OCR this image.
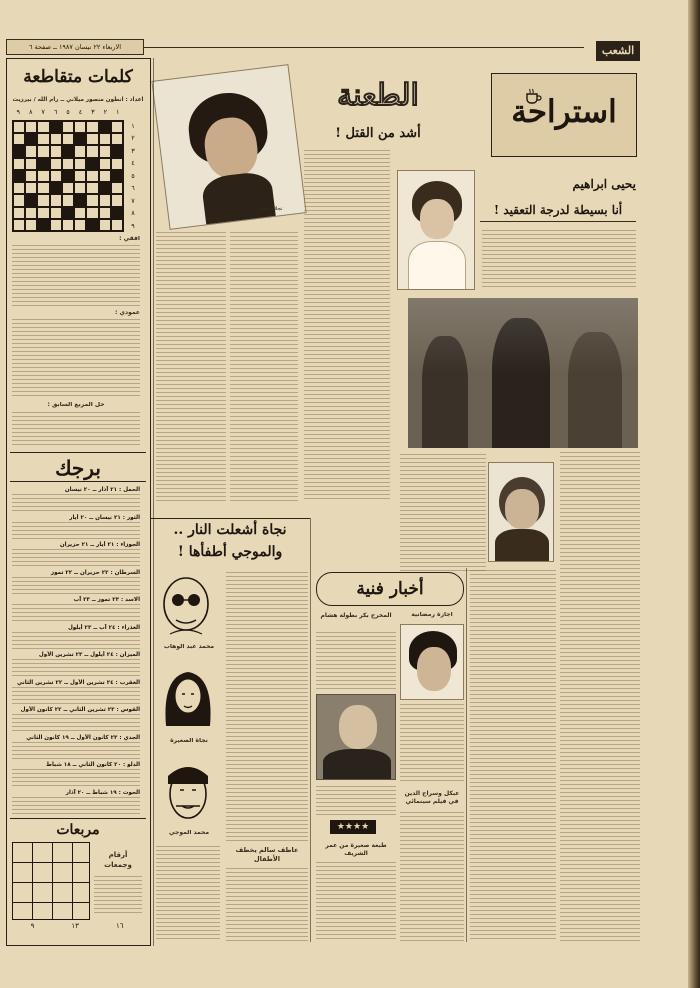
الاربعاء ٢٢ نيسان ١٩٨٧ ــ صفحة ٦	الشعب
استراحة
كلمات متقاطعة
اعداد : انطون منصور ميلاني ــ رام الله / بيرزيت
١
٢
٣
٤
٥
٦
٧
٨
٩
١
٢
٣
٤
٥
٦
٧
٨
٩
افقي :
عمودي :
حل المربع السابق :
برجك
الحمل : ٢١ آذار ــ ٢٠ نيسان
الثور : ٢١ نيسان ــ ٢٠ أيار
الجوزاء : ٢١ أيار ــ ٢١ حزيران
السرطان : ٢٢ حزيران ــ ٢٢ تموز
الاسد : ٢٣ تموز ــ ٢٣ آب
العذراء : ٢٤ آب ــ ٢٣ أيلول
الميزان : ٢٤ أيلول ــ ٢٣ تشرين الأول
العقرب : ٢٤ تشرين الأول ــ ٢٢ تشرين الثاني
القوس : ٢٣ تشرين الثاني ــ ٢٢ كانون الأول
الجدي : ٢٣ كانون الأول ــ ١٩ كانون الثاني
الدلو : ٢٠ كانون الثاني ــ ١٨ شباط
الحوت : ١٩ شباط ــ ٢٠ آذار
مربعات
أرقام وجمعات
١٦
١٣
٩
نجلاء فتحي
الطعنة
أشد من القتل !
يحيى ابراهيم
أنا بسيطة لدرجة التعقيد !
نجاة أشعلت النار .. والموجي أطفأها !
محمد عبد الوهاب
نجاة الصغيرة
محمد الموجي
عاطف سالم يخطف الأطفال
أخبار فنية
اجازة رمضانية
المخرج بكر بطولة هشام
عبكل وسراج الدين في فيلم سينمائي
★★★★
طبعة صغيرة من عمر الشريف
